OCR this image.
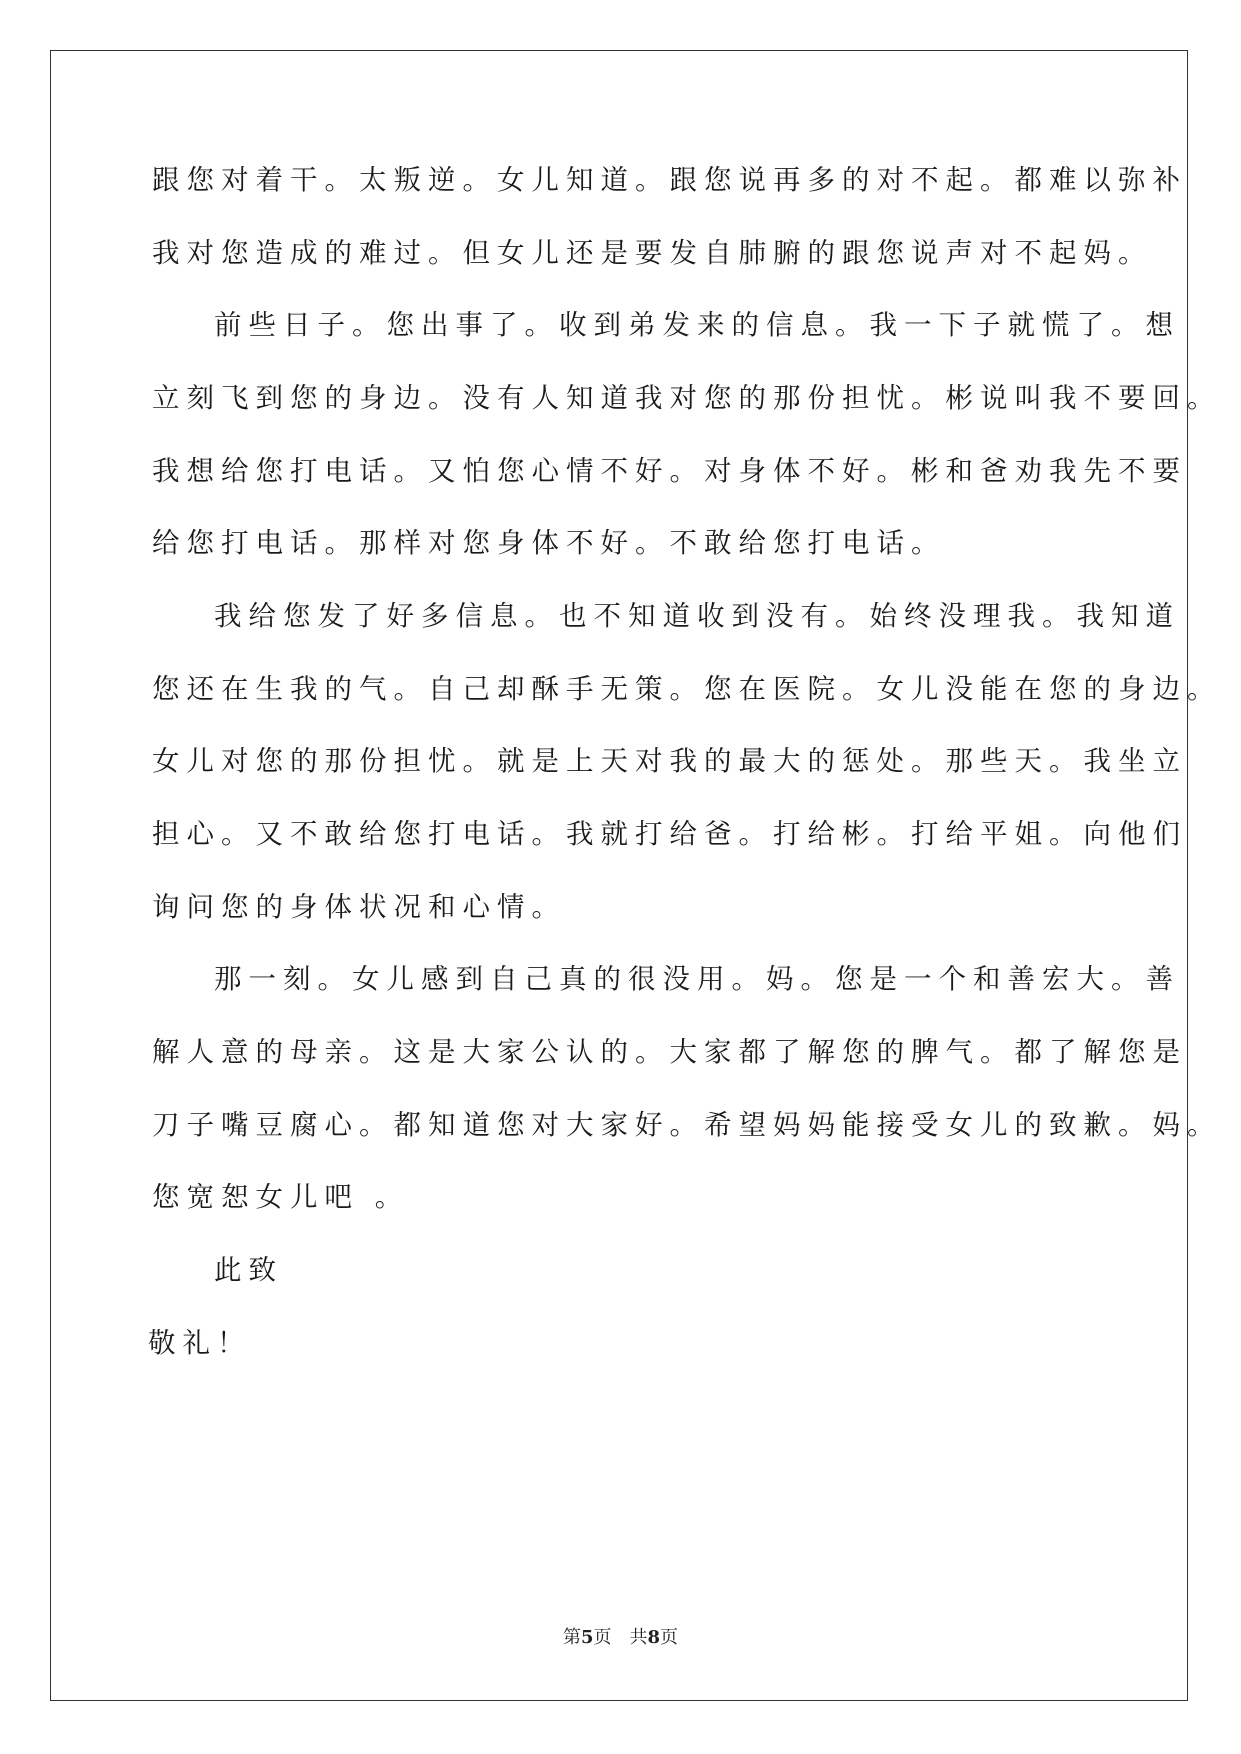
跟您对着干。太叛逆。女儿知道。跟您说再多的对不起。都难以弥补
我对您造成的难过。但女儿还是要发自肺腑的跟您说声对不起妈。
前些日子。您出事了。收到弟发来的信息。我一下子就慌了。想
立刻飞到您的身边。没有人知道我对您的那份担忧。彬说叫我不要回。
我想给您打电话。又怕您心情不好。对身体不好。彬和爸劝我先不要
给您打电话。那样对您身体不好。不敢给您打电话。
我给您发了好多信息。也不知道收到没有。始终没理我。我知道
您还在生我的气。自己却酥手无策。您在医院。女儿没能在您的身边。
女儿对您的那份担忧。就是上天对我的最大的惩处。那些天。我坐立
担心。又不敢给您打电话。我就打给爸。打给彬。打给平姐。向他们
询问您的身体状况和心情。
那一刻。女儿感到自己真的很没用。妈。您是一个和善宏大。善
解人意的母亲。这是大家公认的。大家都了解您的脾气。都了解您是
刀子嘴豆腐心。都知道您对大家好。希望妈妈能接受女儿的致歉。妈。
您宽恕女儿吧 。
此致
敬礼！
第5页 共8页
